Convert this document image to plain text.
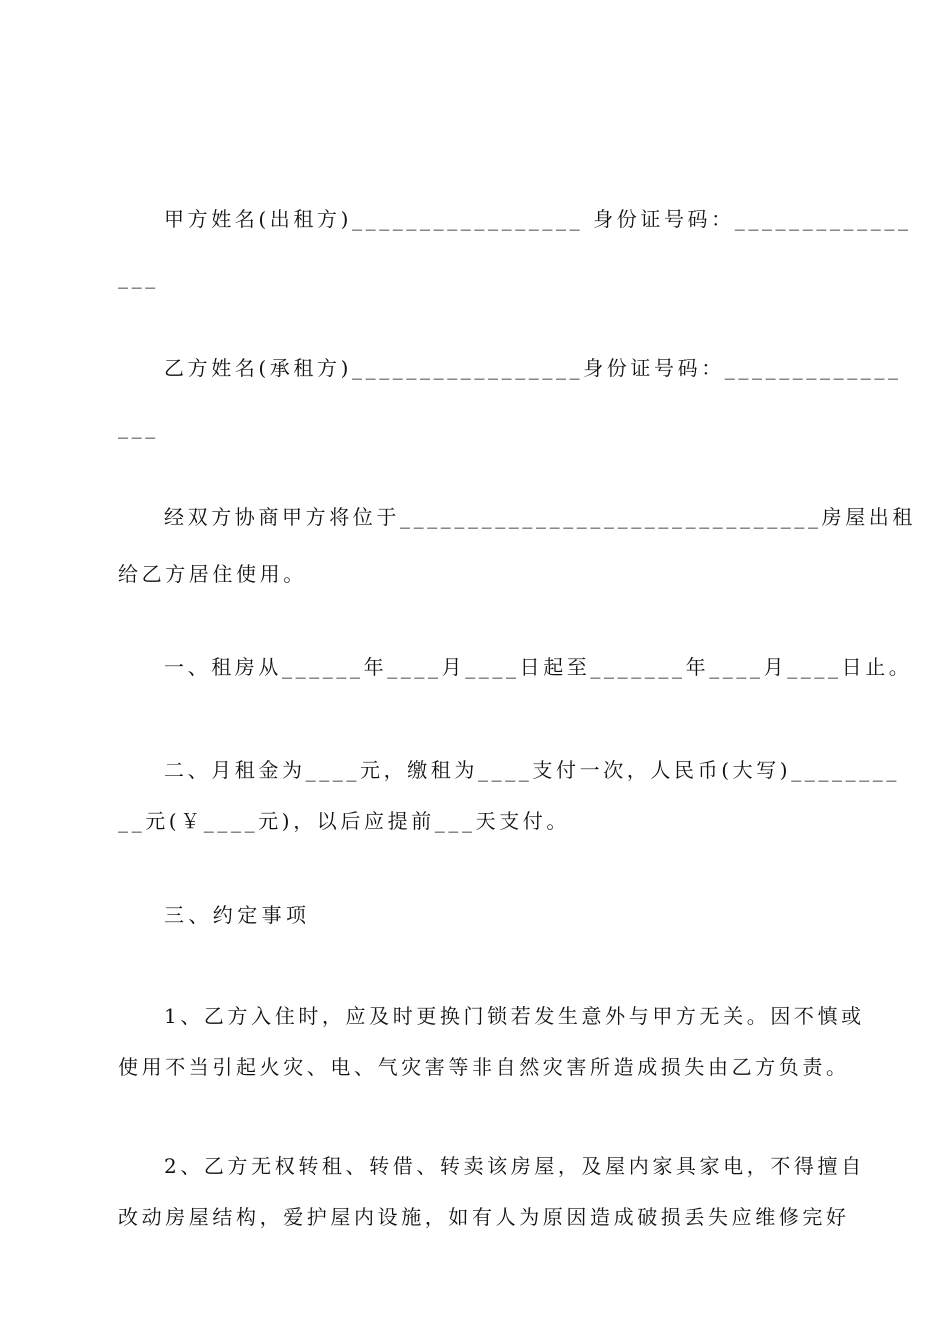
甲方姓名(出租方)_________________ 身份证号码：_____________
___
乙方姓名(承租方)_________________身份证号码：_____________
___
经双方协商甲方将位于_______________________________房屋出租
给乙方居住使用。
一、租房从______年____月____日起至_______年____月____日止。
二、月租金为____元，缴租为____支付一次，人民币(大写)________
__元(￥____元)，以后应提前___天支付。
三、约定事项
1、乙方入住时，应及时更换门锁若发生意外与甲方无关。因不慎或
使用不当引起火灾、电、气灾害等非自然灾害所造成损失由乙方负责。
2、乙方无权转租、转借、转卖该房屋，及屋内家具家电，不得擅自
改动房屋结构，爱护屋内设施，如有人为原因造成破损丢失应维修完好
